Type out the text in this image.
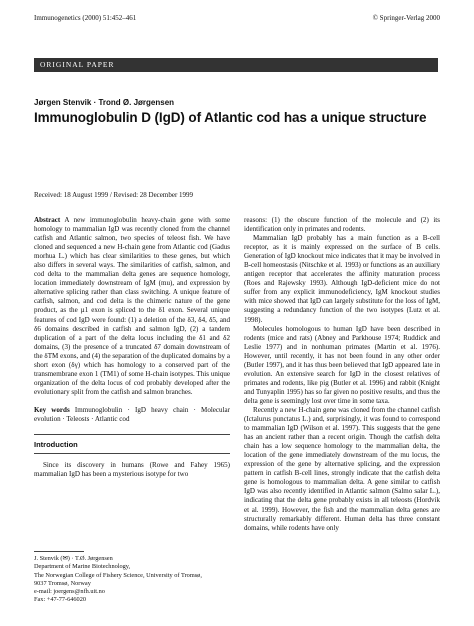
Immunogenetics (2000) 51:452–461	© Springer-Verlag 2000
ORIGINAL PAPER
Jørgen Stenvik · Trond Ø. Jørgensen
Immunoglobulin D (IgD) of Atlantic cod has a unique structure
Received: 18 August 1999 / Revised: 28 December 1999

Abstract A new immunoglobulin heavy-chain gene with some homology to mammalian IgD was recently cloned from the channel catfish and Atlantic salmon, two species of teleost fish. We have cloned and sequenced a new H-chain gene from Atlantic cod (Gadus morhua L.) which has clear similarities to these genes, but which also differs in several ways. The similarities of catfish, salmon, and cod delta to the mammalian delta genes are sequence homology, location immediately downstream of IgM (mu), and expression by alternative splicing rather than class switching. A unique feature of catfish, salmon, and cod delta is the chimeric nature of the gene product, as the µ1 exon is spliced to the δ1 exon. Several unique features of cod IgD were found: (1) a deletion of the δ3, δ4, δ5, and δ6 domains described in catfish and salmon IgD, (2) a tandem duplication of a part of the delta locus including the δ1 and δ2 domains, (3) the presence of a truncated δ7 domain downstream of the δTM exons, and (4) the separation of the duplicated domains by a short exon (δγ) which has homology to a conserved part of the transmembrane exon 1 (TM1) of some H-chain isotypes. This unique organization of the delta locus of cod probably developed after the evolutionary split from the catfish and salmon branches.

Key words Immunoglobulin · IgD heavy chain · Molecular evolution · Teleosts · Atlantic cod

Introduction

Since its discovery in humans (Rowe and Fahey 1965) mammalian IgD has been a mysterious isotype for two

J. Stenvik (✉) · T.Ø. Jørgensen
Department of Marine Biotechnology,
The Norwegian College of Fishery Science, University of Tromsø,
9037 Tromsø, Norway
e-mail: joergens@nfh.uit.no
Fax: +47-77-646020

reasons: (1) the obscure function of the molecule and (2) its identification only in primates and rodents.

Mammalian IgD probably has a main function as a B-cell receptor, as it is mainly expressed on the surface of B cells. Generation of IgD knockout mice indicates that it may be involved in B-cell homeostasis (Nitschke et al. 1993) or functions as an auxiliary antigen receptor that accelerates the affinity maturation process (Roes and Rajewsky 1993). Although IgD-deficient mice do not suffer from any explicit immunodeficiency, IgM knockout studies with mice showed that IgD can largely substitute for the loss of IgM, suggesting a redundancy function of the two isotypes (Lutz et al. 1998).

Molecules homologous to human IgD have been described in rodents (mice and rats) (Abney and Parkhouse 1974; Ruddick and Leslie 1977) and in nonhuman primates (Martin et al. 1976). However, until recently, it has not been found in any other order (Butler 1997), and it has thus been believed that IgD appeared late in evolution. An extensive search for IgD in the closest relatives of primates and rodents, like pig (Butler et al. 1996) and rabbit (Knight and Tunyaplin 1995) has so far given no positive results, and thus the delta gene is seemingly lost over time in some taxa.

Recently a new H-chain gene was cloned from the channel catfish (Ictalurus punctatus L.) and, surprisingly, it was found to correspond to mammalian IgD (Wilson et al. 1997). This suggests that the gene has an ancient rather than a recent origin. Though the catfish delta chain has a low sequence homology to the mammalian delta, the location of the gene immediately downstream of the mu locus, the expression of the gene by alternative splicing, and the expression pattern in catfish B-cell lines, strongly indicate that the catfish delta gene is homologous to mammalian delta. A gene similar to catfish IgD was also recently identified in Atlantic salmon (Salmo salar L.), indicating that the delta gene probably exists in all teleosts (Hordvik et al. 1999). However, the fish and the mammalian delta genes are structurally remarkably different. Human delta has three constant domains, while rodents have only
